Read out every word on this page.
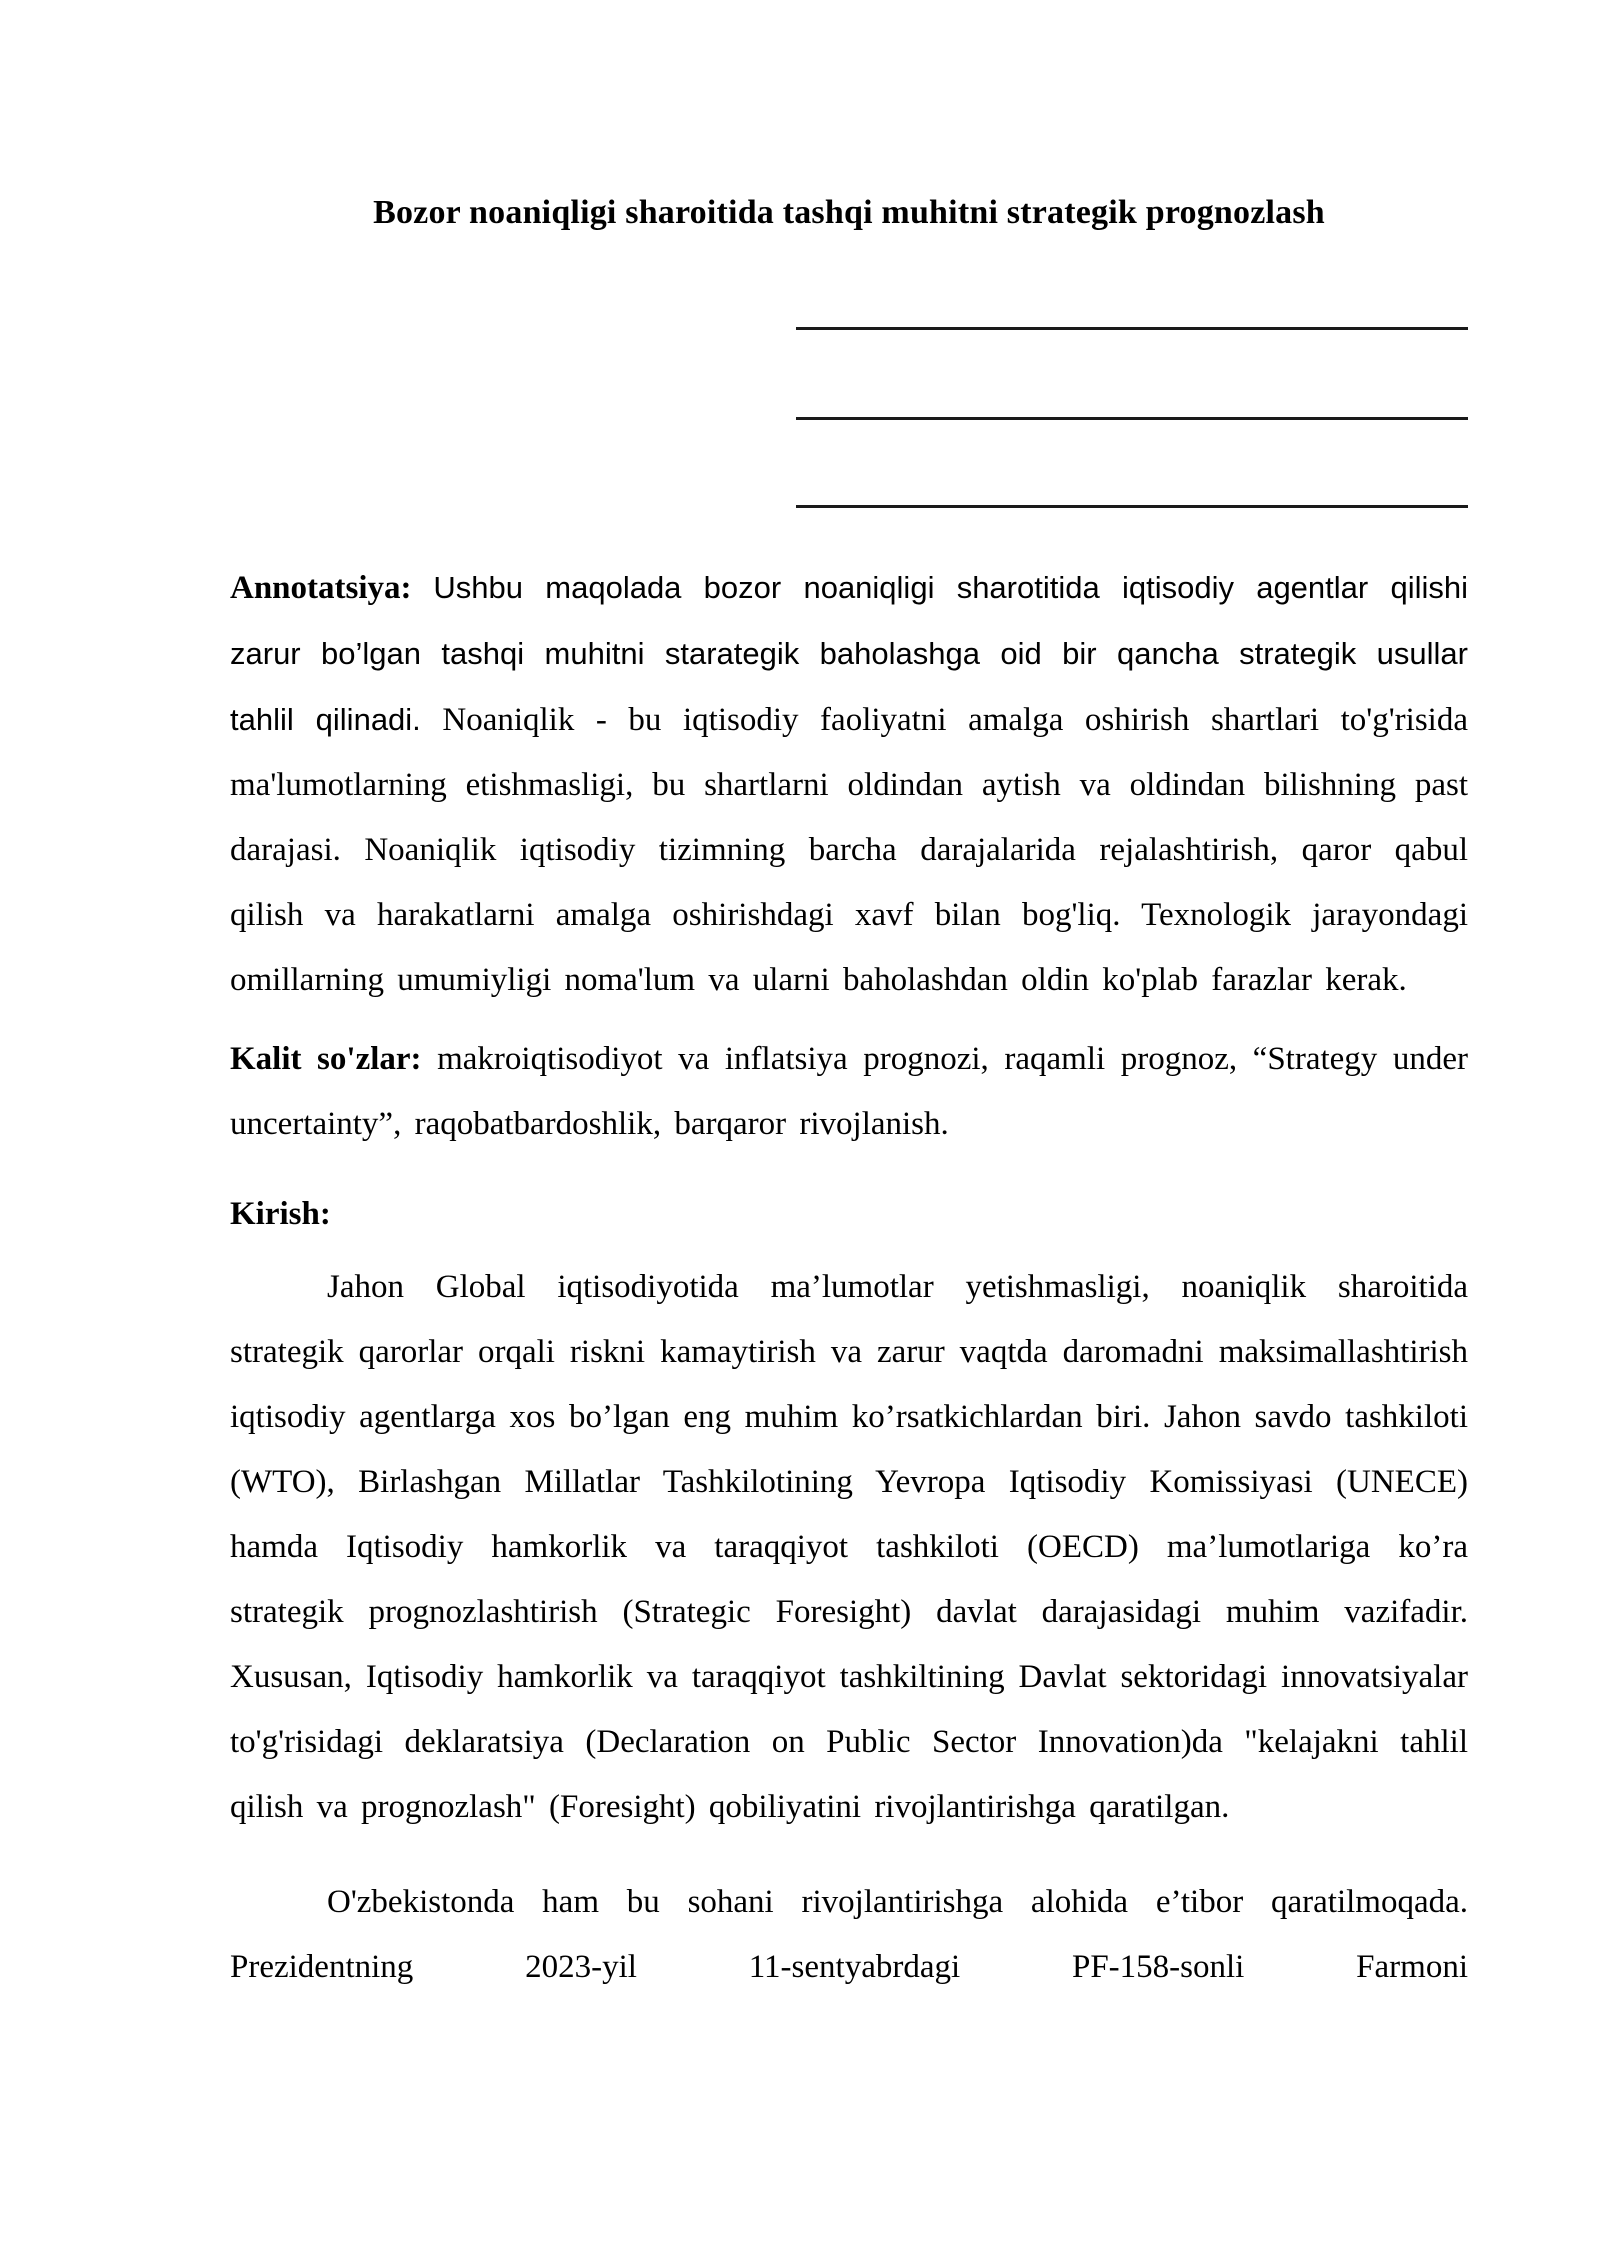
Bozor noaniqligi sharoitida tashqi muhitni strategik prognozlash

Annotatsiya: Ushbu maqolada bozor noaniqligi sharotitida iqtisodiy agentlar qilishi zarur bo’lgan tashqi muhitni starategik baholashga oid bir qancha strategik usullar tahlil qilinadi. Noaniqlik - bu iqtisodiy faoliyatni amalga oshirish shartlari to'g'risida ma'lumotlarning etishmasligi, bu shartlarni oldindan aytish va oldindan bilishning past darajasi. Noaniqlik iqtisodiy tizimning barcha darajalarida rejalashtirish, qaror qabul qilish va harakatlarni amalga oshirishdagi xavf bilan bog'liq. Texnologik jarayondagi omillarning umumiyligi noma'lum va ularni baholashdan oldin ko'plab farazlar kerak.

Kalit so'zlar: makroiqtisodiyot va inflatsiya prognozi, raqamli prognoz, “Strategy under uncertainty”, raqobatbardoshlik, barqaror rivojlanish.

Kirish:

Jahon Global iqtisodiyotida ma’lumotlar yetishmasligi, noaniqlik sharoitida strategik qarorlar orqali riskni kamaytirish va zarur vaqtda daromadni maksimallashtirish iqtisodiy agentlarga xos bo’lgan eng muhim ko’rsatkichlardan biri. Jahon savdo tashkiloti (WTO), Birlashgan Millatlar Tashkilotining Yevropa Iqtisodiy Komissiyasi (UNECE) hamda Iqtisodiy hamkorlik va taraqqiyot tashkiloti (OECD) ma’lumotlariga ko’ra strategik prognozlashtirish (Strategic Foresight) davlat darajasidagi muhim vazifadir. Xususan, Iqtisodiy hamkorlik va taraqqiyot tashkiltining Davlat sektoridagi innovatsiyalar to'g'risidagi deklaratsiya (Declaration on Public Sector Innovation)da "kelajakni tahlil qilish va prognozlash" (Foresight) qobiliyatini rivojlantirishga qaratilgan.

O'zbekistonda ham bu sohani rivojlantirishga alohida e’tibor qaratilmoqada. Prezidentning 2023-yil 11-sentyabrdagi PF-158-sonli Farmoni
